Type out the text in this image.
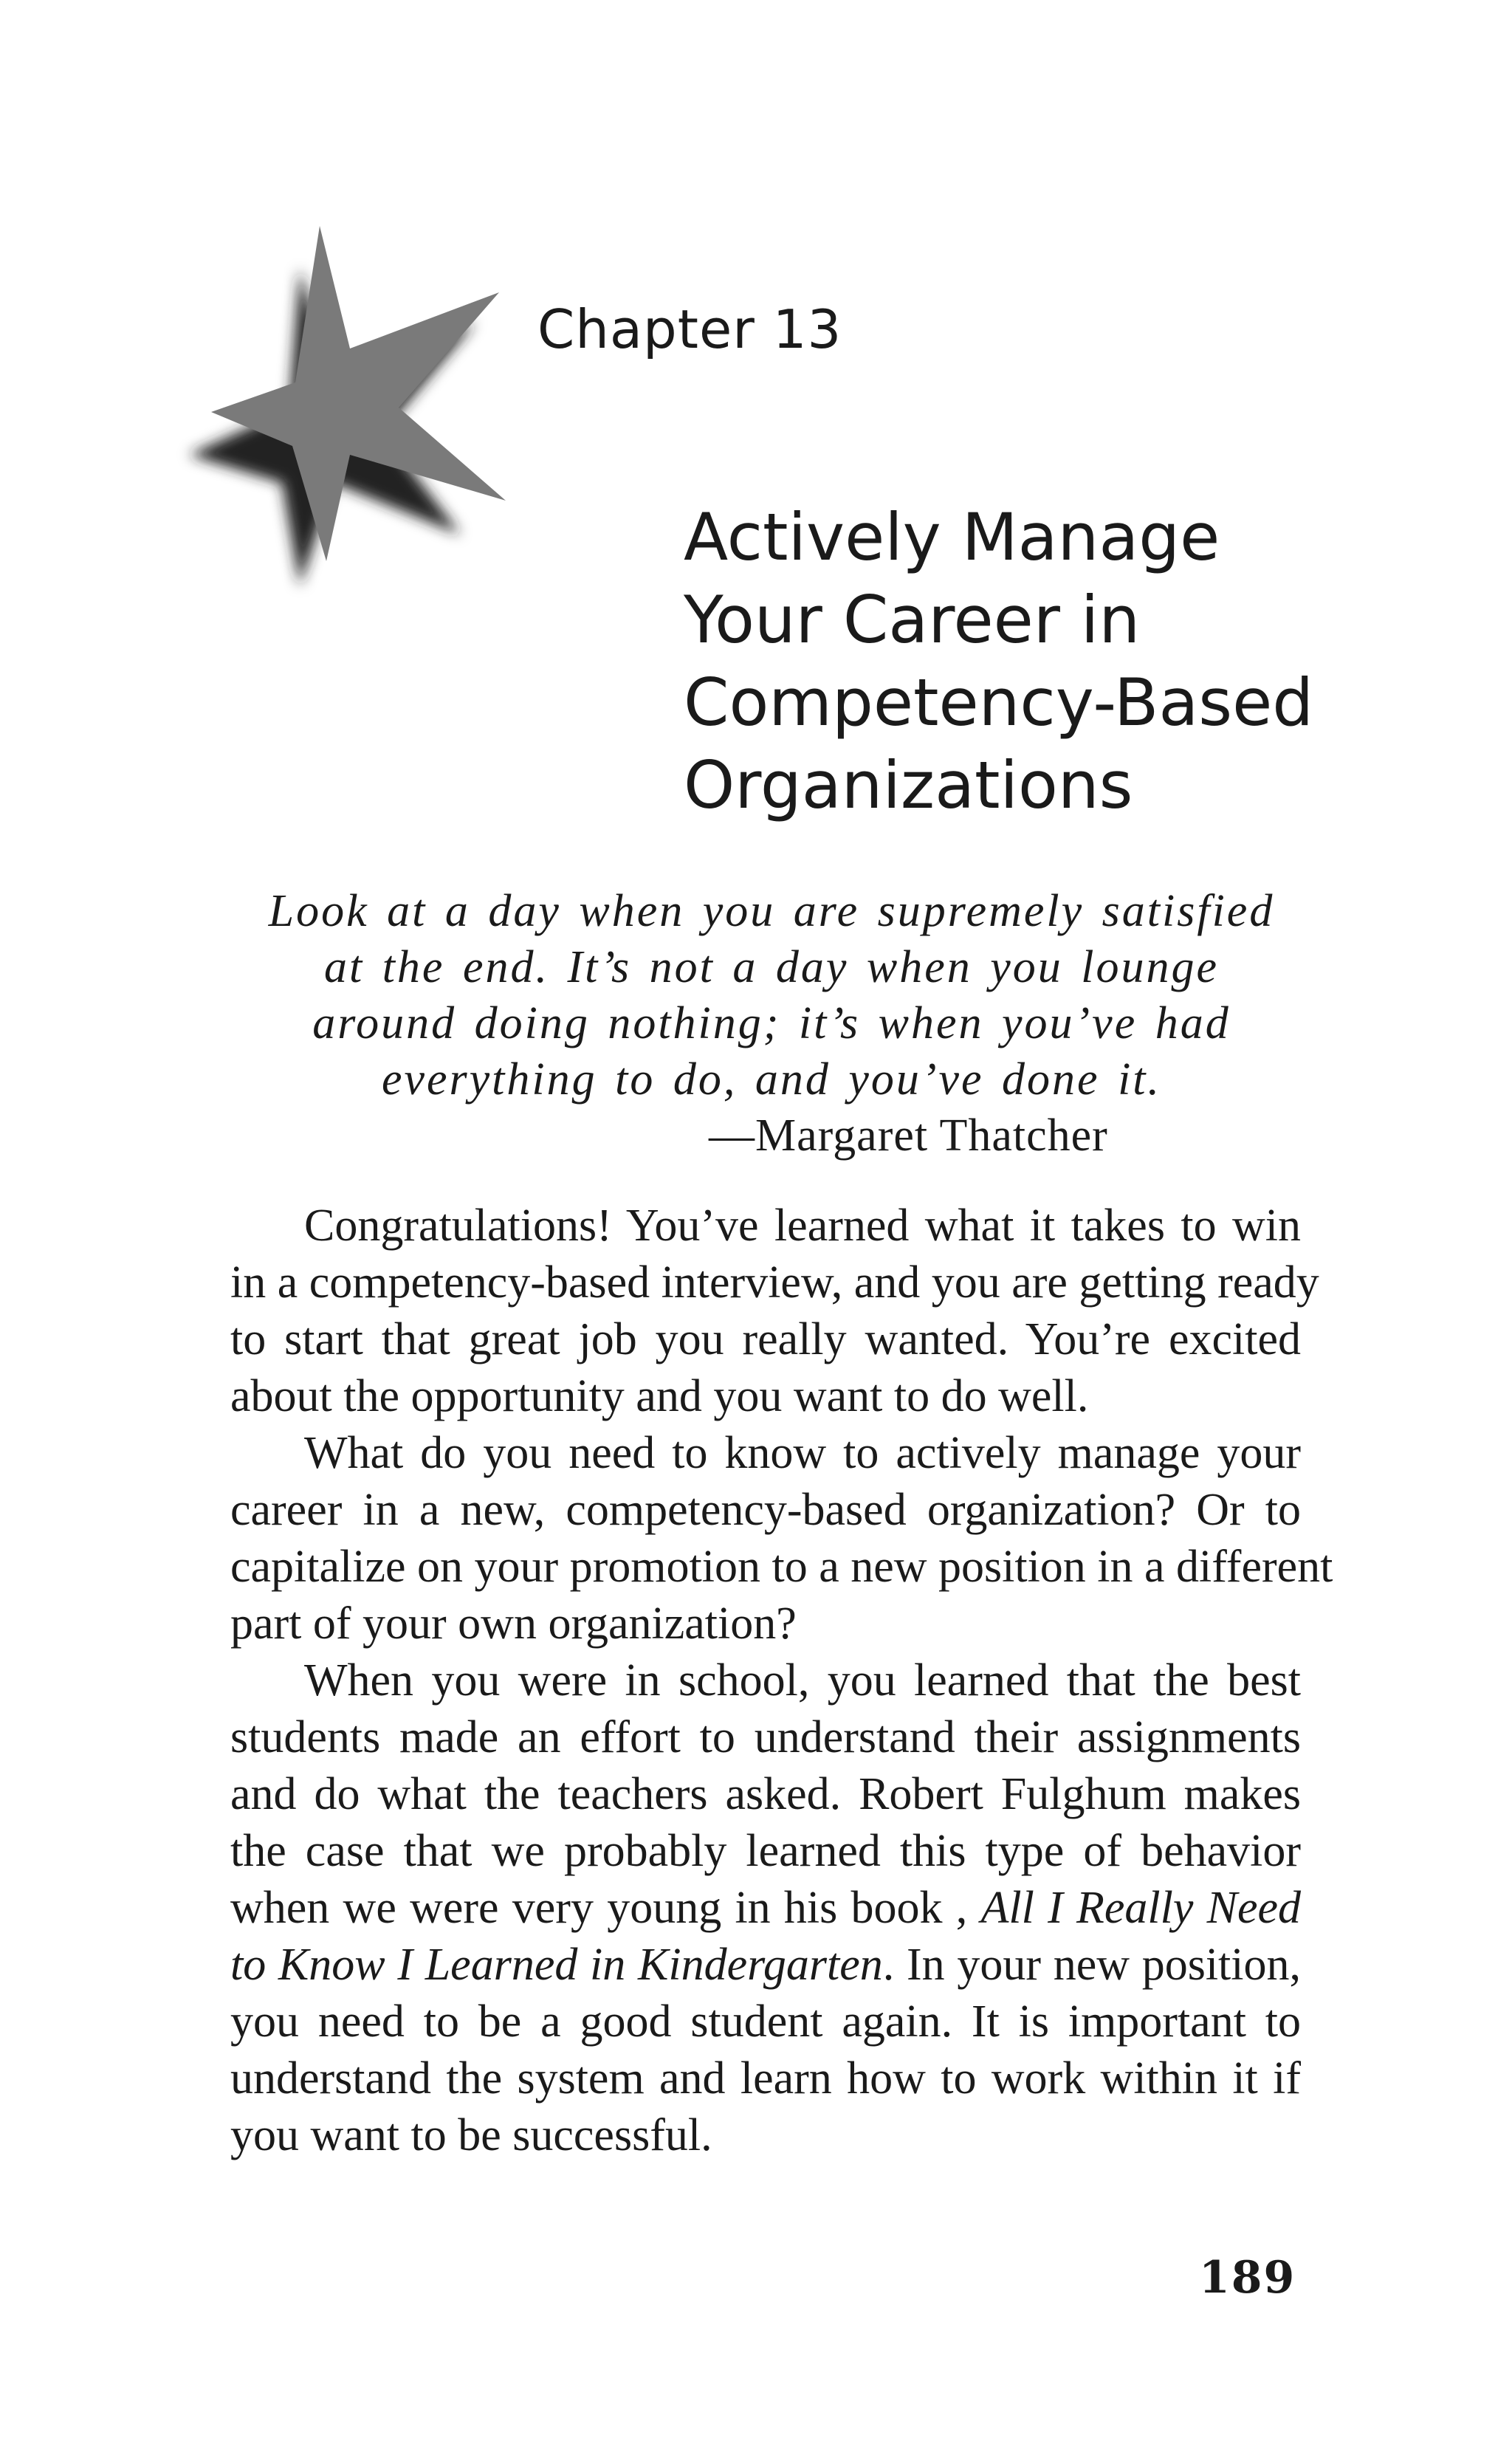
Chapter 13
Actively Manage
Your Career in
Competency-Based
Organizations
Look at a day when you are supremely satisfied
at the end. It’s not a day when you lounge
around doing nothing; it’s when you’ve had
everything to do, and you’ve done it.
—Margaret Thatcher
Congratulations! You’ve learned what it takes to win
in a competency-based interview, and you are getting ready
to start that great job you really wanted. You’re excited
about the opportunity and you want to do well.
What do you need to know to actively manage your
career in a new, competency-based organization? Or to
capitalize on your promotion to a new position in a different
part of your own organization?
When you were in school, you learned that the best
students made an effort to understand their assignments
and do what the teachers asked. Robert Fulghum makes
the case that we probably learned this type of behavior
when we were very young in his book , All I Really Need
to Know I Learned in Kindergarten. In your new position,
you need to be a good student again. It is important to
understand the system and learn how to work within it if
you want to be successful.
189
